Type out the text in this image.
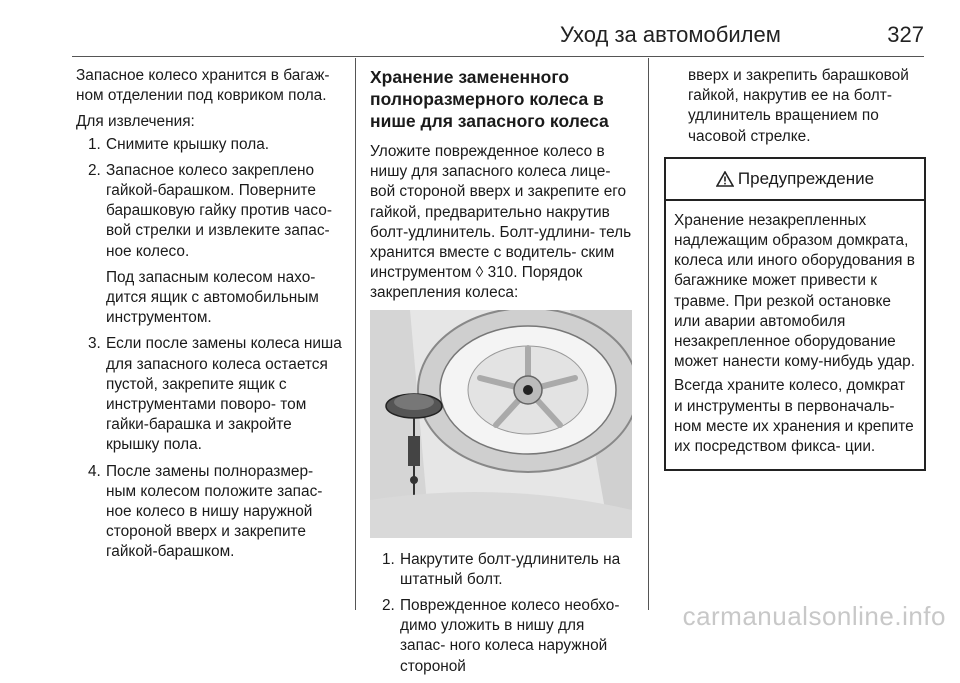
Уход за автомобилем	327

Запасное колесо хранится в багаж- ном отделении под ковриком пола.

Для извлечения:

1. Снимите крышку пола.
2. Запасное колесо закреплено гайкой-барашком. Поверните барашковую гайку против часо- вой стрелки и извлеките запас- ное колесо.
Под запасным колесом нахо- дится ящик с автомобильным инструментом.
3. Если после замены колеса ниша для запасного колеса остается пустой, закрепите ящик с инструментами поворо- том гайки-барашка и закройте крышку пола.
4. После замены полноразмер- ным колесом положите запас- ное колесо в нишу наружной стороной вверх и закрепите гайкой-барашком.
Хранение замененного полноразмерного колеса в нише для запасного колеса

Уложите поврежденное колесо в нишу для запасного колеса лице- вой стороной вверх и закрепите его гайкой, предварительно накрутив болт-удлинитель. Болт-удлини- тель хранится вместе с водитель- ским инструментом ◊ 310. Порядок закрепления колеса:

1. Накрутите болт-удлинитель на штатный болт.
2. Поврежденное колесо необхо- димо уложить в нишу для запас- ного колеса наружной стороной

вверх и закрепить барашковой гайкой, накрутив ее на болт- удлинитель вращением по часовой стрелке.

Предупреждение

Хранение незакрепленных надлежащим образом домкрата, колеса или иного оборудования в багажнике может привести к травме. При резкой остановке или аварии автомобиля незакрепленное оборудование может нанести кому-нибудь удар.

Всегда храните колесо, домкрат и инструменты в первоначаль- ном месте их хранения и крепите их посредством фикса- ции.

carmanualsonline.info
